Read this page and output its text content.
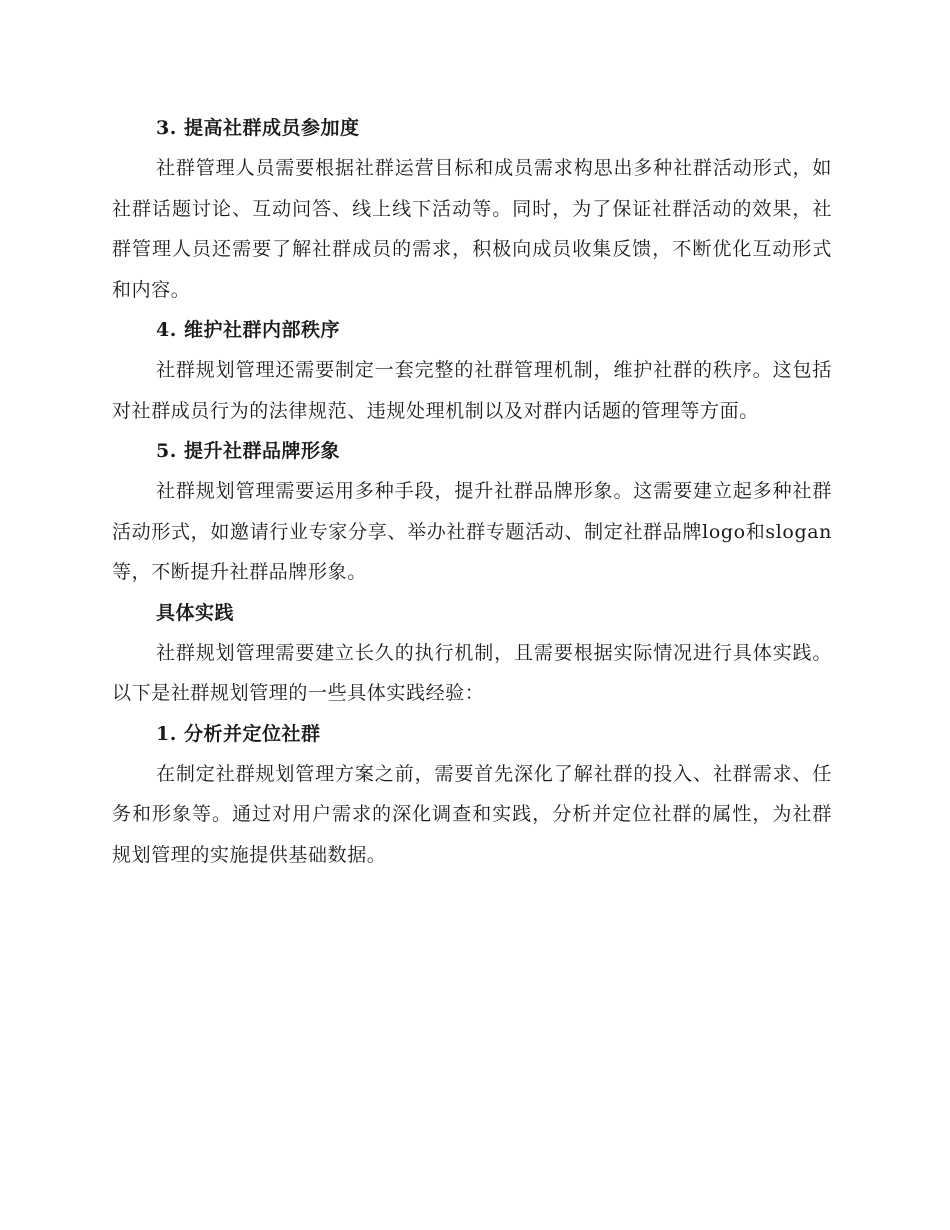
3. 提高社群成员参加度

社群管理人员需要根据社群运营目标和成员需求构思出多种社群活动形式，如社群话题讨论、互动问答、线上线下活动等。同时，为了保证社群活动的效果，社群管理人员还需要了解社群成员的需求，积极向成员收集反馈，不断优化互动形式和内容。

4. 维护社群内部秩序

社群规划管理还需要制定一套完整的社群管理机制，维护社群的秩序。这包括对社群成员行为的法律规范、违规处理机制以及对群内话题的管理等方面。

5. 提升社群品牌形象

社群规划管理需要运用多种手段，提升社群品牌形象。这需要建立起多种社群活动形式，如邀请行业专家分享、举办社群专题活动、制定社群品牌logo和slogan等，不断提升社群品牌形象。

具体实践

社群规划管理需要建立长久的执行机制，且需要根据实际情况进行具体实践。以下是社群规划管理的一些具体实践经验：

1. 分析并定位社群

在制定社群规划管理方案之前，需要首先深化了解社群的投入、社群需求、任务和形象等。通过对用户需求的深化调查和实践，分析并定位社群的属性，为社群规划管理的实施提供基础数据。
